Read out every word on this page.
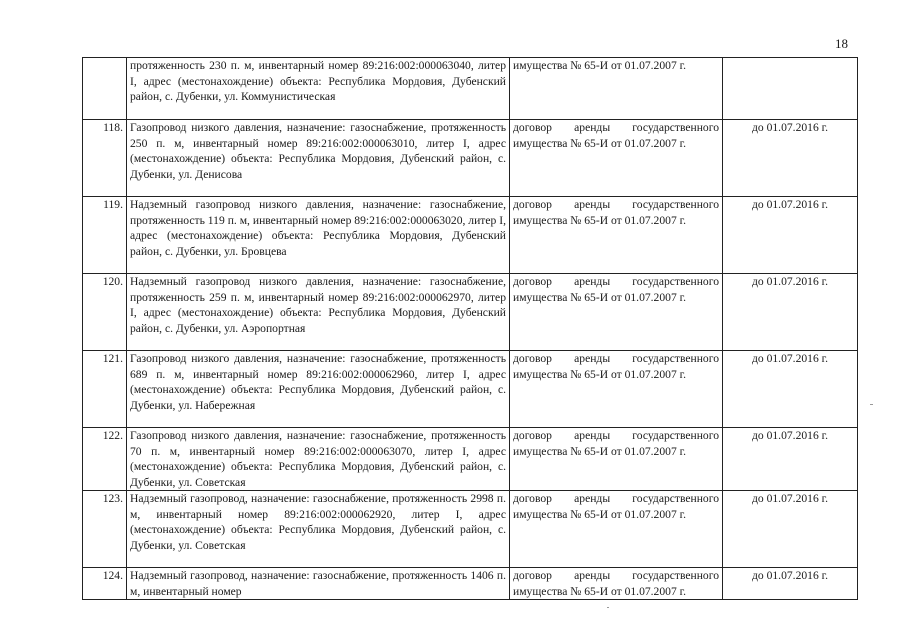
18
	протяженность 230 п. м, инвентарный номер 89:216:002:000063040, литер I, адрес (местонахождение) объекта: Республика Мордовия, Дубенский район, с. Дубенки, ул. Коммунистическая	имущества № 65-И от 01.07.2007 г.	
118.	Газопровод низкого давления, назначение: газоснабжение, протяженность 250 п. м, инвентарный номер 89:216:002:000063010, литер I, адрес (местонахождение) объекта: Республика Мордовия, Дубенский район, с. Дубенки, ул. Денисова	договор аренды государственного имущества № 65-И от 01.07.2007 г.	до 01.07.2016 г.
119.	Надземный газопровод низкого давления, назначение: газоснабжение, протяженность 119 п. м, инвентарный номер 89:216:002:000063020, литер I, адрес (местонахождение) объекта: Республика Мордовия, Дубенский район, с. Дубенки, ул. Бровцева	договор аренды государственного имущества № 65-И от 01.07.2007 г.	до 01.07.2016 г.
120.	Надземный газопровод низкого давления, назначение: газоснабжение, протяженность 259 п. м, инвентарный номер 89:216:002:000062970, литер I, адрес (местонахождение) объекта: Республика Мордовия, Дубенский район, с. Дубенки, ул. Аэропортная	договор аренды государственного имущества № 65-И от 01.07.2007 г.	до 01.07.2016 г.
121.	Газопровод низкого давления, назначение: газоснабжение, протяженность 689 п. м, инвентарный номер 89:216:002:000062960, литер I, адрес (местонахождение) объекта: Республика Мордовия, Дубенский район, с. Дубенки, ул. Набережная	договор аренды государственного имущества № 65-И от 01.07.2007 г.	до 01.07.2016 г.
122.	Газопровод низкого давления, назначение: газоснабжение, протяженность 70 п. м, инвентарный номер 89:216:002:000063070, литер I, адрес (местонахождение) объекта: Республика Мордовия, Дубенский район, с. Дубенки, ул. Советская	договор аренды государственного имущества № 65-И от 01.07.2007 г.	до 01.07.2016 г.
123.	Надземный газопровод, назначение: газоснабжение, протяженность 2998 п. м, инвентарный номер 89:216:002:000062920, литер I, адрес (местонахождение) объекта: Республика Мордовия, Дубенский район, с. Дубенки, ул. Советская	договор аренды государственного имущества № 65-И от 01.07.2007 г.	до 01.07.2016 г.
124.	Надземный газопровод, назначение: газоснабжение, протяженность 1406 п. м, инвентарный номер	договор аренды государственного имущества № 65-И от 01.07.2007 г.	до 01.07.2016 г.
